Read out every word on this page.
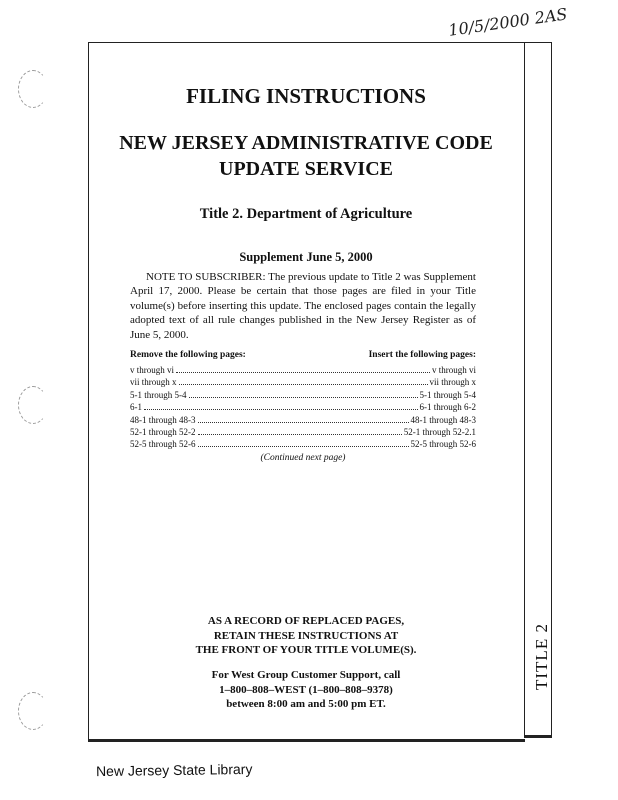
10/5/2000 2AS
TITLE 2
FILING INSTRUCTIONS
NEW JERSEY ADMINISTRATIVE CODE
UPDATE SERVICE
Title 2. Department of Agriculture
Supplement June 5, 2000
NOTE TO SUBSCRIBER: The previous update to Title 2 was Supplement April 17, 2000. Please be certain that those pages are filed in your Title volume(s) before inserting this update. The enclosed pages contain the legally adopted text of all rule changes published in the New Jersey Register as of June 5, 2000.
Remove the following pages:	Insert the following pages:
v through vi	v through vi
vii through x	vii through x
5-1 through 5-4	5-1 through 5-4
6-1	6-1 through 6-2
48-1 through 48-3	48-1 through 48-3
52-1 through 52-2	52-1 through 52-2.1
52-5 through 52-6	52-5 through 52-6
(Continued next page)
AS A RECORD OF REPLACED PAGES,
RETAIN THESE INSTRUCTIONS AT
THE FRONT OF YOUR TITLE VOLUME(S).
For West Group Customer Support, call
1–800–808–WEST (1–800–808–9378)
between 8:00 am and 5:00 pm ET.
New Jersey State Library
